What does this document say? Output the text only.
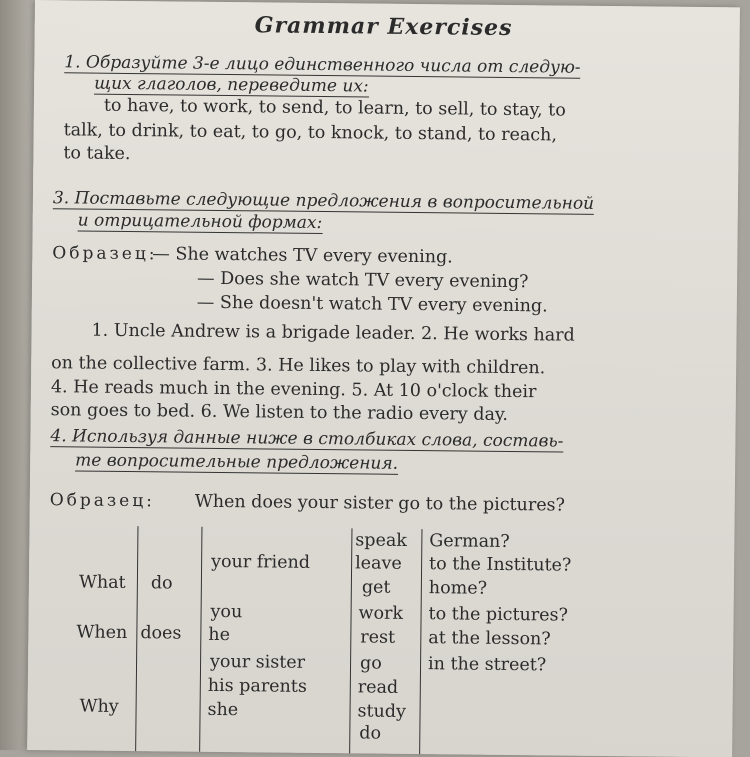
Grammar Exercises
1. Образуйте 3-е лицо единственного числа от следую-
щих глаголов, переведите их:
to have, to work, to send, to learn, to sell, to stay, to
talk, to drink, to eat, to go, to knock, to stand, to reach,
to take.
3. Поставьте следующие предложения в вопросительной
и отрицательной формах:
Образец:
— She watches TV every evening.
— Does she watch TV every evening?
— She doesn't watch TV every evening.
1. Uncle Andrew is a brigade leader. 2. He works hard
on the collective farm. 3. He likes to play with children.
4. He reads much in the evening. 5. At 10 o'clock their
son goes to bed. 6. We listen to the radio every day.
4. Используя данные ниже в столбиках слова, составь-
те вопросительные предложения.
Образец: When does your sister go to the pictures?
What
When
Why
do
does
your friend
you
he
your sister
his parents
she
speak
leave
get
work
rest
go
read
study
do
German?
to the Institute?
home?
to the pictures?
at the lesson?
in the street?
